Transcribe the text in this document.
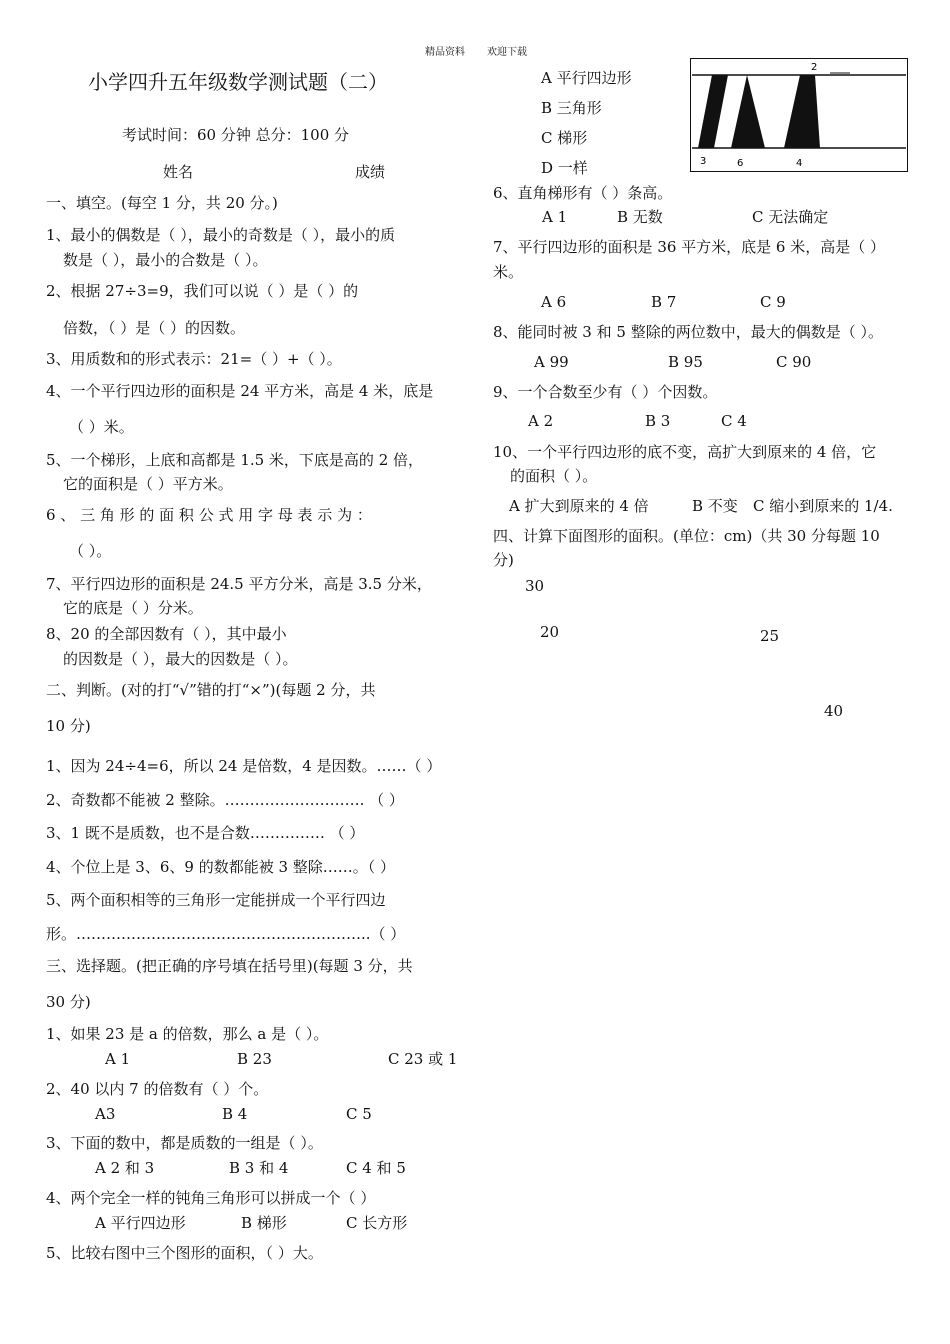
精品资料 欢迎下载
小学四升五年级数学测试题（二）
考试时间：60 分钟 总分：100 分
姓名	成绩
一、填空。(每空 1 分，共 20 分。)
1、最小的偶数是（ ），最小的奇数是（ ），最小的质
数是（ ），最小的合数是（ ）。
2、根据 27÷3=9，我们可以说（ ）是（ ）的
倍数，（ ）是（ ）的因数。
3、用质数和的形式表示：21=（ ）+（ ）。
4、一个平行四边形的面积是 24 平方米，高是 4 米，底是
（ ）米。
5、一个梯形，上底和高都是 1.5 米，下底是高的 2 倍，
它的面积是（ ）平方米。
6 、 三 角 形 的 面 积 公 式 用 字 母 表 示 为 ：
（ ）。
7、平行四边形的面积是 24.5 平方分米，高是 3.5 分米，
它的底是（ ）分米。
8、20 的全部因数有（ ），其中最小
的因数是（ ），最大的因数是（ ）。
二、判断。(对的打“√”错的打“×”)(每题 2 分，共
10 分)
1、因为 24÷4=6，所以 24 是倍数，4 是因数。……（ ）
2、奇数都不能被 2 整除。………………………. （ ）
3、1 既不是质数，也不是合数…………… （ ）
4、个位上是 3、6、9 的数都能被 3 整除……。（ ）
5、两个面积相等的三角形一定能拼成一个平行四边
形。…………………………………………………..（ ）
三、选择题。(把正确的序号填在括号里)(每题 3 分，共
30 分)
1、如果 23 是 a 的倍数，那么 a 是（ ）。
A 1	B 23	C 23 或 1
2、40 以内 7 的倍数有（ ）个。
A3	B 4	C 5
3、下面的数中，都是质数的一组是（ ）。
A 2 和 3	B 3 和 4	C 4 和 5
4、两个完全一样的钝角三角形可以拼成一个（ ）
A 平行四边形	B 梯形	C 长方形
5、比较右图中三个图形的面积，（ ）大。
A 平行四边形
B 三角形
C 梯形
D 一样
2
3	6	4
6、直角梯形有（ ）条高。
A 1	B 无数	C 无法确定
7、平行四边形的面积是 36 平方米，底是 6 米，高是（ ）
米。
A 6	B 7	C 9
8、能同时被 3 和 5 整除的两位数中，最大的偶数是（ ）。
A 99	B 95	C 90
9、一个合数至少有（ ）个因数。
A 2	B 3	C 4
10、一个平行四边形的底不变，高扩大到原来的 4 倍，它
的面积（ ）。
A 扩大到原来的 4 倍	B 不变 C 缩小到原来的 1/4.
四、计算下面图形的面积。(单位：cm)（共 30 分每题 10
分)
30
20	25
40
